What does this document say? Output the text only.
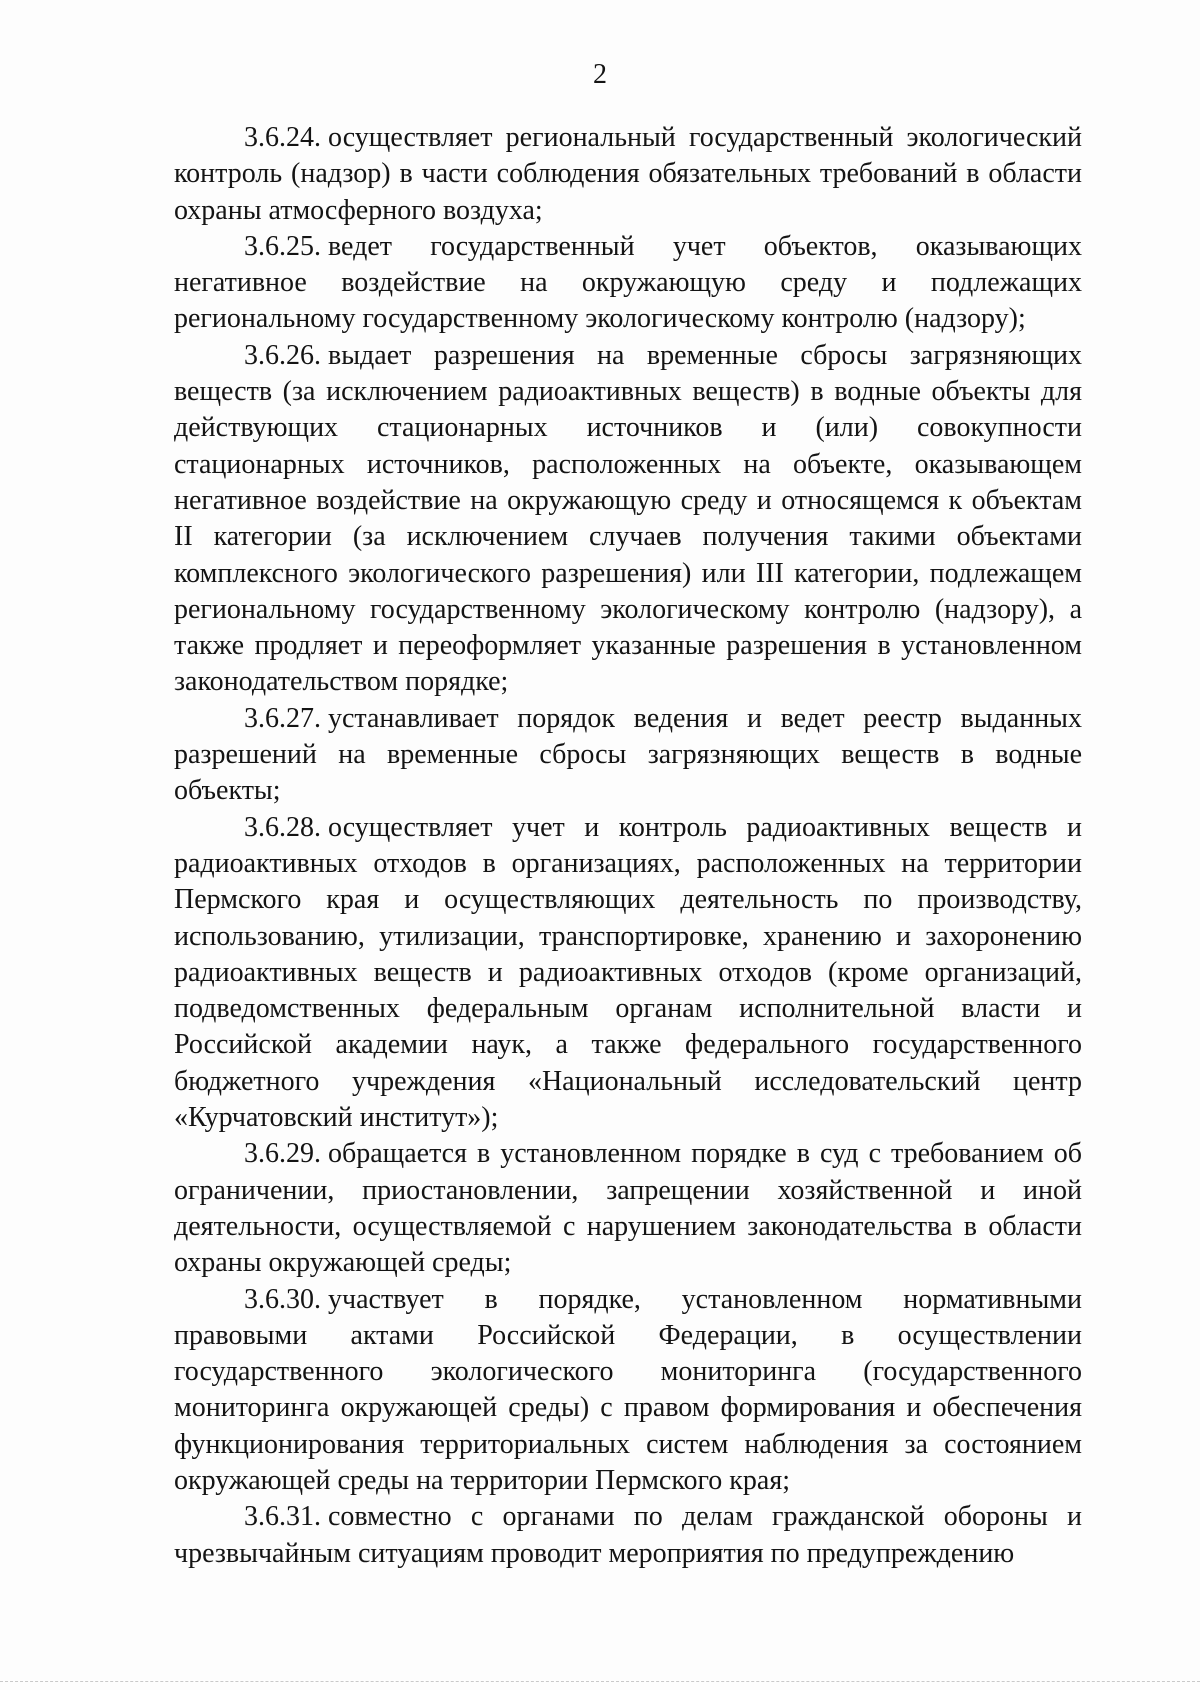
2

3.6.24. осуществляет региональный государственный экологический контроль (надзор) в части соблюдения обязательных требований в области охраны атмосферного воздуха;

3.6.25. ведет государственный учет объектов, оказывающих негативное воздействие на окружающую среду и подлежащих региональному государственному экологическому контролю (надзору);

3.6.26. выдает разрешения на временные сбросы загрязняющих веществ (за исключением радиоактивных веществ) в водные объекты для действующих стационарных источников и (или) совокупности стационарных источников, расположенных на объекте, оказывающем негативное воздействие на окружающую среду и относящемся к объектам II категории (за исключением случаев получения такими объектами комплексного экологического разрешения) или III категории, подлежащем региональному государственному экологическому контролю (надзору), а также продляет и переоформляет указанные разрешения в установленном законодательством порядке;

3.6.27. устанавливает порядок ведения и ведет реестр выданных разрешений на временные сбросы загрязняющих веществ в водные объекты;

3.6.28. осуществляет учет и контроль радиоактивных веществ и радиоактивных отходов в организациях, расположенных на территории Пермского края и осуществляющих деятельность по производству, использованию, утилизации, транспортировке, хранению и захоронению радиоактивных веществ и радиоактивных отходов (кроме организаций, подведомственных федеральным органам исполнительной власти и Российской академии наук, а также федерального государственного бюджетного учреждения «Национальный исследовательский центр «Курчатовский институт»);

3.6.29. обращается в установленном порядке в суд с требованием об ограничении, приостановлении, запрещении хозяйственной и иной деятельности, осуществляемой с нарушением законодательства в области охраны окружающей среды;

3.6.30. участвует в порядке, установленном нормативными правовыми актами Российской Федерации, в осуществлении государственного экологического мониторинга (государственного мониторинга окружающей среды) с правом формирования и обеспечения функционирования территориальных систем наблюдения за состоянием окружающей среды на территории Пермского края;

3.6.31. совместно с органами по делам гражданской обороны и чрезвычайным ситуациям проводит мероприятия по предупреждению
